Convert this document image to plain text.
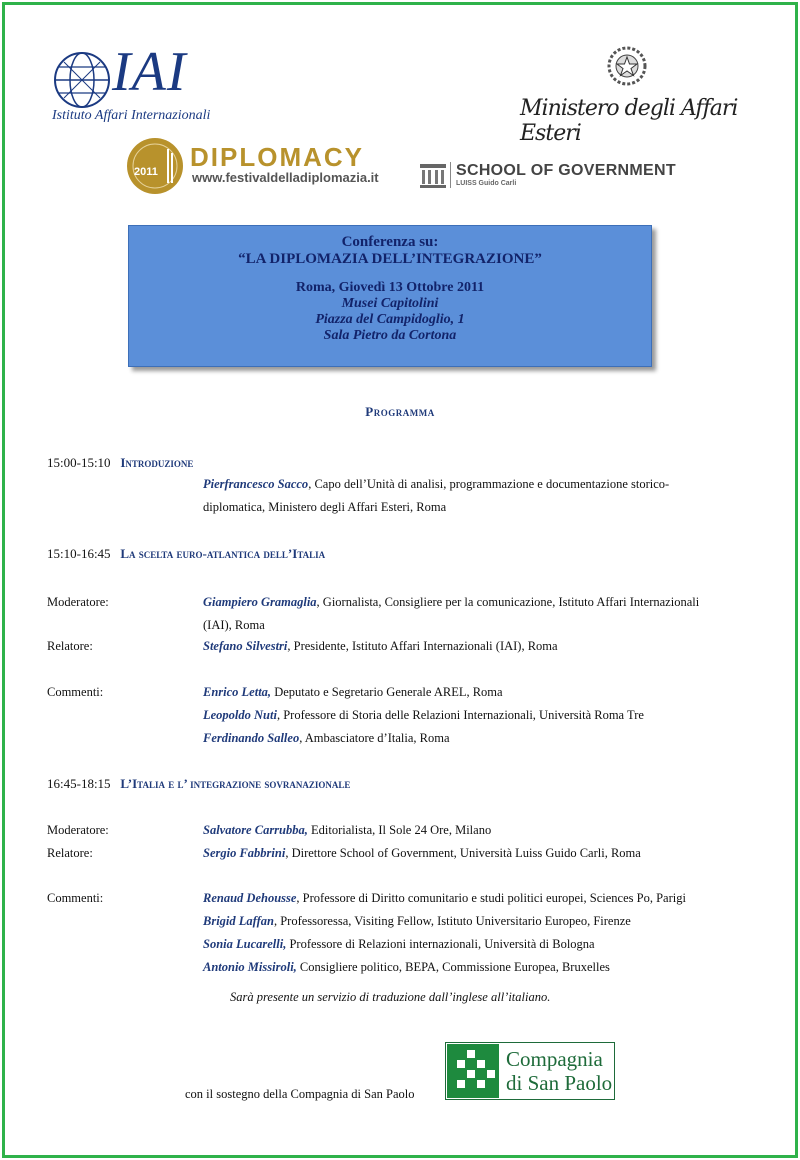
IAI
Istituto Affari Internazionali	Ministero degli Affari Esteri
2011 DIPLOMACY
www.festivaldelladiplomazia.it	SCHOOL OF GOVERNMENT
LUISS Guido Carli
Conferenza su:
“LA DIPLOMAZIA DELL’INTEGRAZIONE”
Roma, Giovedì 13 Ottobre 2011
Musei Capitolini
Piazza del Campidoglio, 1
Sala Pietro da Cortona
Programma
15:00-15:10 Introduzione
Pierfrancesco Sacco, Capo dell’Unità di analisi, programmazione e documentazione storico-
diplomatica, Ministero degli Affari Esteri, Roma
15:10-16:45 La scelta euro-atlantica dell’Italia
Moderatore:	Giampiero Gramaglia, Giornalista, Consigliere per la comunicazione, Istituto Affari Internazionali
(IAI), Roma
Relatore:	Stefano Silvestri, Presidente, Istituto Affari Internazionali (IAI), Roma
Commenti:	Enrico Letta, Deputato e Segretario Generale AREL, Roma
Leopoldo Nuti, Professore di Storia delle Relazioni Internazionali, Università Roma Tre
Ferdinando Salleo, Ambasciatore d’Italia, Roma
16:45-18:15 L’Italia e l’ integrazione sovranazionale
Moderatore:	Salvatore Carrubba, Editorialista, Il Sole 24 Ore, Milano
Relatore:	Sergio Fabbrini, Direttore School of Government, Università Luiss Guido Carli, Roma
Commenti:	Renaud Dehousse, Professore di Diritto comunitario e studi politici europei, Sciences Po, Parigi
Brigid Laffan, Professoressa, Visiting Fellow, Istituto Universitario Europeo, Firenze
Sonia Lucarelli, Professore di Relazioni internazionali, Università di Bologna
Antonio Missiroli, Consigliere politico, BEPA, Commissione Europea, Bruxelles
Sarà presente un servizio di traduzione dall’inglese all’italiano.
con il sostegno della Compagnia di San Paolo
Compagnia
di San Paolo
